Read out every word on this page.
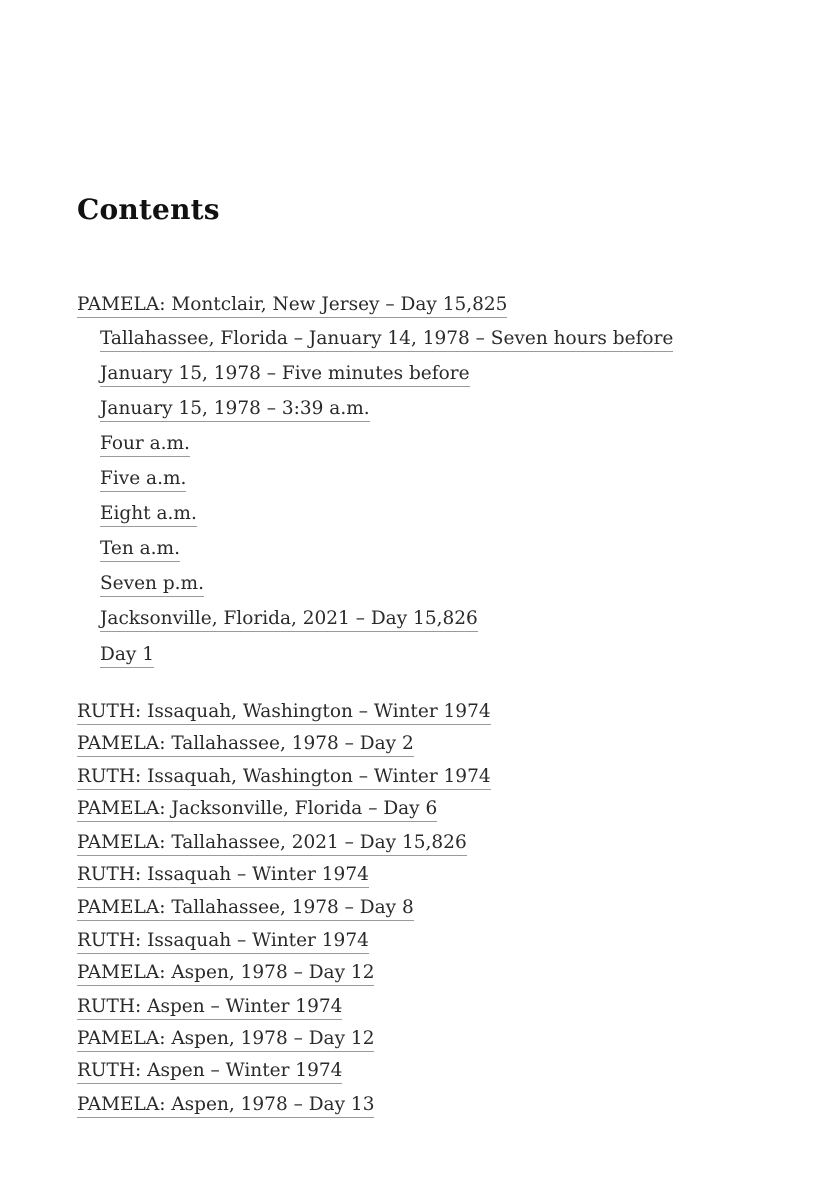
Contents
PAMELA: Montclair, New Jersey – Day 15,825
Tallahassee, Florida – January 14, 1978 – Seven hours before
January 15, 1978 – Five minutes before
January 15, 1978 – 3:39 a.m.
Four a.m.
Five a.m.
Eight a.m.
Ten a.m.
Seven p.m.
Jacksonville, Florida, 2021 – Day 15,826
Day 1
RUTH: Issaquah, Washington – Winter 1974
PAMELA: Tallahassee, 1978 – Day 2
RUTH: Issaquah, Washington – Winter 1974
PAMELA: Jacksonville, Florida – Day 6
PAMELA: Tallahassee, 2021 – Day 15,826
RUTH: Issaquah – Winter 1974
PAMELA: Tallahassee, 1978 – Day 8
RUTH: Issaquah – Winter 1974
PAMELA: Aspen, 1978 – Day 12
RUTH: Aspen – Winter 1974
PAMELA: Aspen, 1978 – Day 12
RUTH: Aspen – Winter 1974
PAMELA: Aspen, 1978 – Day 13
